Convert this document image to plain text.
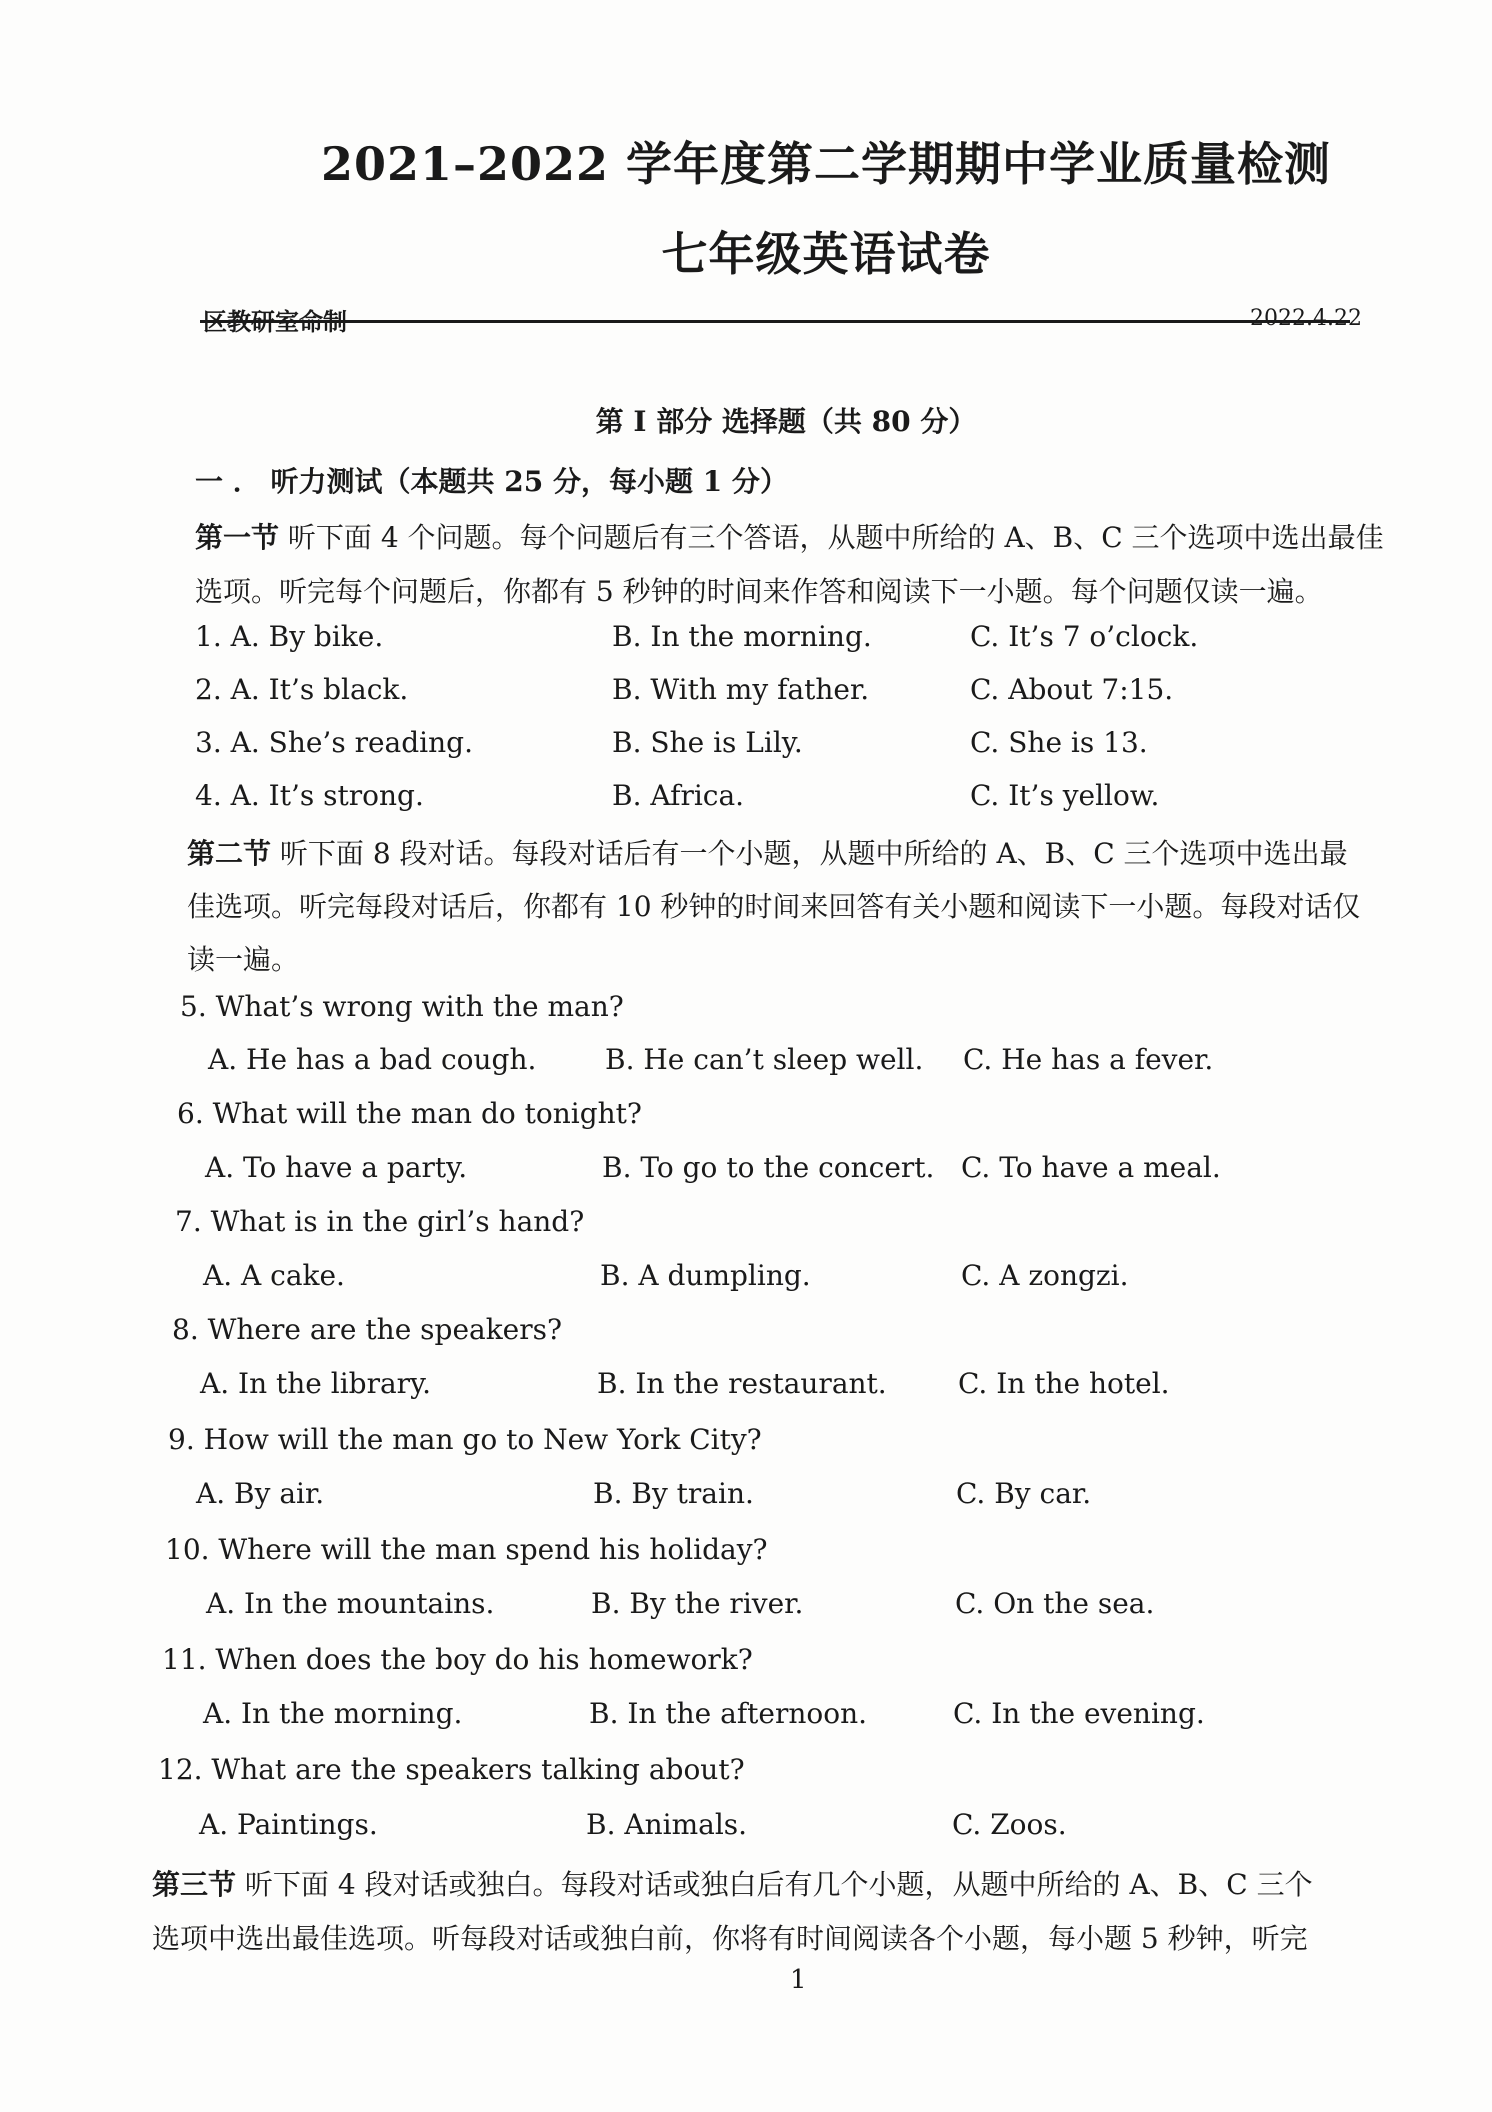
2021–2022 学年度第二学期期中学业质量检测
七年级英语试卷
区教研室命制	2022.4.22
第 I 部分 选择题（共 80 分）
一 ． 听力测试（本题共 25 分，每小题 1 分）
第一节 听下面 4 个问题。每个问题后有三个答语，从题中所给的 A、B、C 三个选项中选出最佳
选项。听完每个问题后，你都有 5 秒钟的时间来作答和阅读下一小题。每个问题仅读一遍。
1. A. By bike.	B. In the morning.	C. It’s 7 o’clock.
2. A. It’s black.	B. With my father.	C. About 7:15.
3. A. She’s reading.	B. She is Lily.	C. She is 13.
4. A. It’s strong.	B. Africa.	C. It’s yellow.
第二节 听下面 8 段对话。每段对话后有一个小题，从题中所给的 A、B、C 三个选项中选出最
佳选项。听完每段对话后，你都有 10 秒钟的时间来回答有关小题和阅读下一小题。每段对话仅
读一遍。
5. What’s wrong with the man?
A. He has a bad cough. B. He can’t sleep well. C. He has a fever.
6. What will the man do tonight?
A. To have a party.	B. To go to the concert. C. To have a meal.
7. What is in the girl’s hand?
A. A cake.	B. A dumpling.	C. A zongzi.
8. Where are the speakers?
A. In the library.	B. In the restaurant.	C. In the hotel.
9. How will the man go to New York City?
A. By air.	B. By train.	C. By car.
10. Where will the man spend his holiday?
A. In the mountains.	B. By the river.	C. On the sea.
11. When does the boy do his homework?
A. In the morning.	B. In the afternoon.	C. In the evening.
12. What are the speakers talking about?
A. Paintings.	B. Animals.	C. Zoos.
第三节 听下面 4 段对话或独白。每段对话或独白后有几个小题，从题中所给的 A、B、C 三个
选项中选出最佳选项。听每段对话或独白前，你将有时间阅读各个小题，每小题 5 秒钟，听完
1
